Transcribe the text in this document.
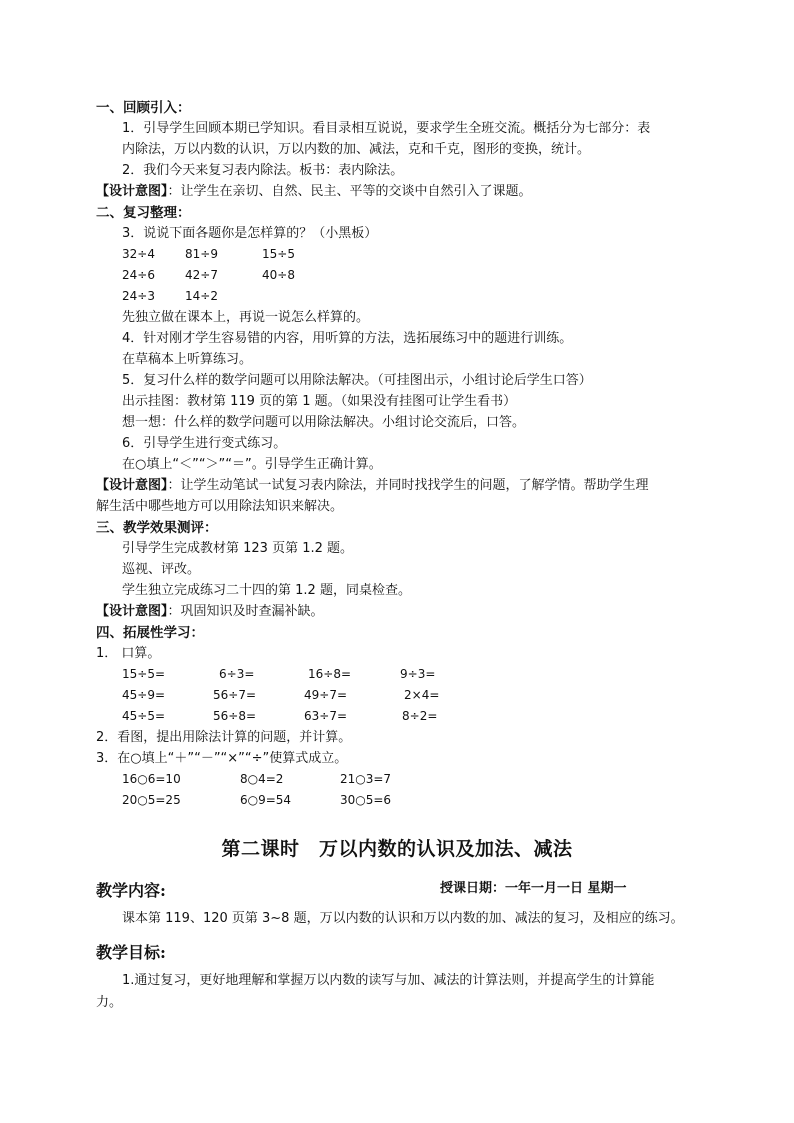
一、回顾引入：
1．引导学生回顾本期已学知识。看目录相互说说，要求学生全班交流。概括分为七部分：表
内除法，万以内数的认识，万以内数的加、减法，克和千克，图形的变换，统计。
2．我们今天来复习表内除法。板书：表内除法。
【设计意图】：让学生在亲切、自然、民主、平等的交谈中自然引入了课题。
二、复习整理：
3．说说下面各题你是怎样算的？（小黑板）
32÷4	81÷9	15÷5
24÷6	42÷7	40÷8
24÷3	14÷2
先独立做在课本上，再说一说怎么样算的。
4．针对刚才学生容易错的内容，用听算的方法，选拓展练习中的题进行训练。
在草稿本上听算练习。
5．复习什么样的数学问题可以用除法解决。（可挂图出示，小组讨论后学生口答）
出示挂图：教材第 119 页的第 1 题。（如果没有挂图可让学生看书）
想一想：什么样的数学问题可以用除法解决。小组讨论交流后，口答。
6．引导学生进行变式练习。
在○填上“＜”“＞”“＝”。引导学生正确计算。
【设计意图】：让学生动笔试一试复习表内除法，并同时找找学生的问题，了解学情。帮助学生理
解生活中哪些地方可以用除法知识来解决。
三、教学效果测评：
引导学生完成教材第 123 页第 1.2 题。
巡视、评改。
学生独立完成练习二十四的第 1.2 题，同桌检查。
【设计意图】：巩固知识及时查漏补缺。
四、拓展性学习：
1． 口算。
15÷5=	6÷3=	16÷8=	9÷3=
45÷9=	56÷7=	49÷7=	2×4=
45÷5=	56÷8=	63÷7=	8÷2=
2．看图，提出用除法计算的问题，并计算。
3．在○填上“＋”“－”“×”“÷”使算式成立。
16○6=10	8○4=2	21○3=7
20○5=25	6○9=54	30○5=6
第二课时　万以内数的认识及加法、减法
教学内容:	授课日期：一年一月一日 星期一
课本第 119、120 页第 3~8 题，万以内数的认识和万以内数的加、减法的复习，及相应的练习。
教学目标:
1.通过复习，更好地理解和掌握万以内数的读写与加、减法的计算法则，并提高学生的计算能
力。
